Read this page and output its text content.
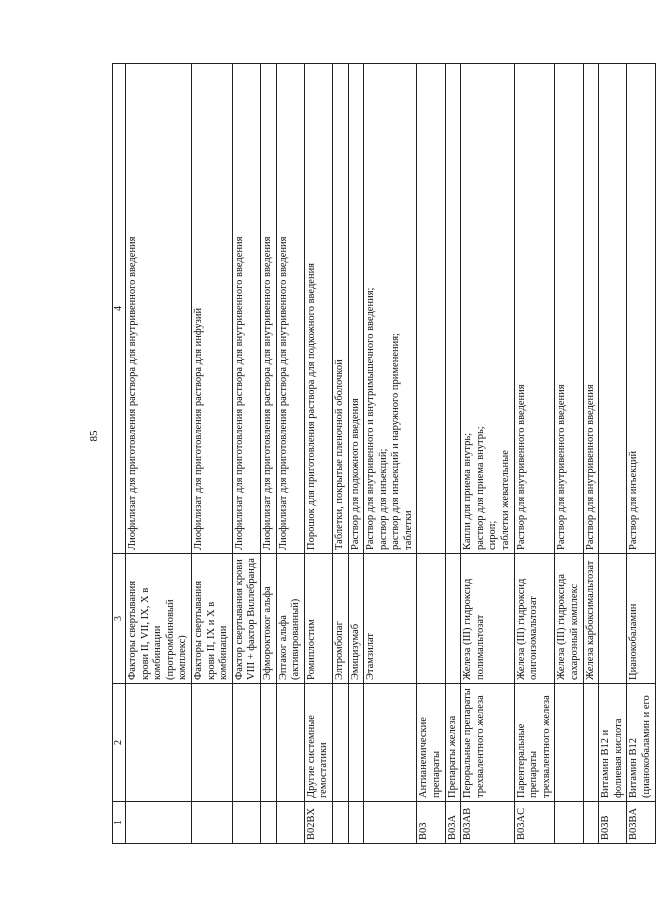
85
1	2	3	4
		Факторы свертывания крови II, VII, IX, X в комбинации (протромбиновый комплекс)	Лиофилизат для приготовления раствора для внутривенного введения

		Факторы свертывания крови II, IX и X в комбинации	Лиофилизат для приготовления раствора для инфузий

		Фактор свертывания крови VIII + фактор Виллебранда	Лиофилизат для приготовления раствора для внутривенного введения

		Эфмороктоког альфа	Лиофилизат для приготовления раствора для внутривенного введения

		Эптаког альфа (активированный)	Лиофилизат для приготовления раствора для внутривенного введения

B02BX	Другие системные гемостатики	Ромиплостим	Порошок для приготовления раствора для подкожного введения

		Элтромбопаг	Таблетки, покрытые пленочной оболочкой

		Эмицизумаб	Раствор для подкожного введения

		Этамзилат	Раствор для внутривенного и внутримышечного введения; раствор для инъекций; раствор для инъекций и наружного применения; таблетки

B03	Антианемические препараты		
B03A	Препараты железа		
B03AB	Пероральные препараты трехвалентного железа	Железа (III) гидроксид полимальтозат	Капли для приема внутрь; раствор для приема внутрь; сироп; таблетки жевательные

B03AC	Парентеральные препараты трехвалентного железа	Железа (III) гидроксид олигоизомальтозат	Раствор для внутривенного введения

		Железа (III) гидроксида сахарозный комплекс	Раствор для внутривенного введения

		Железа карбоксимальтозат	Раствор для внутривенного введения

B03B	Витамин B12 и фолиевая кислота		
B03BA	Витамин B12 (цианокобаламин и его	Цианокобаламин	Раствор для инъекций
